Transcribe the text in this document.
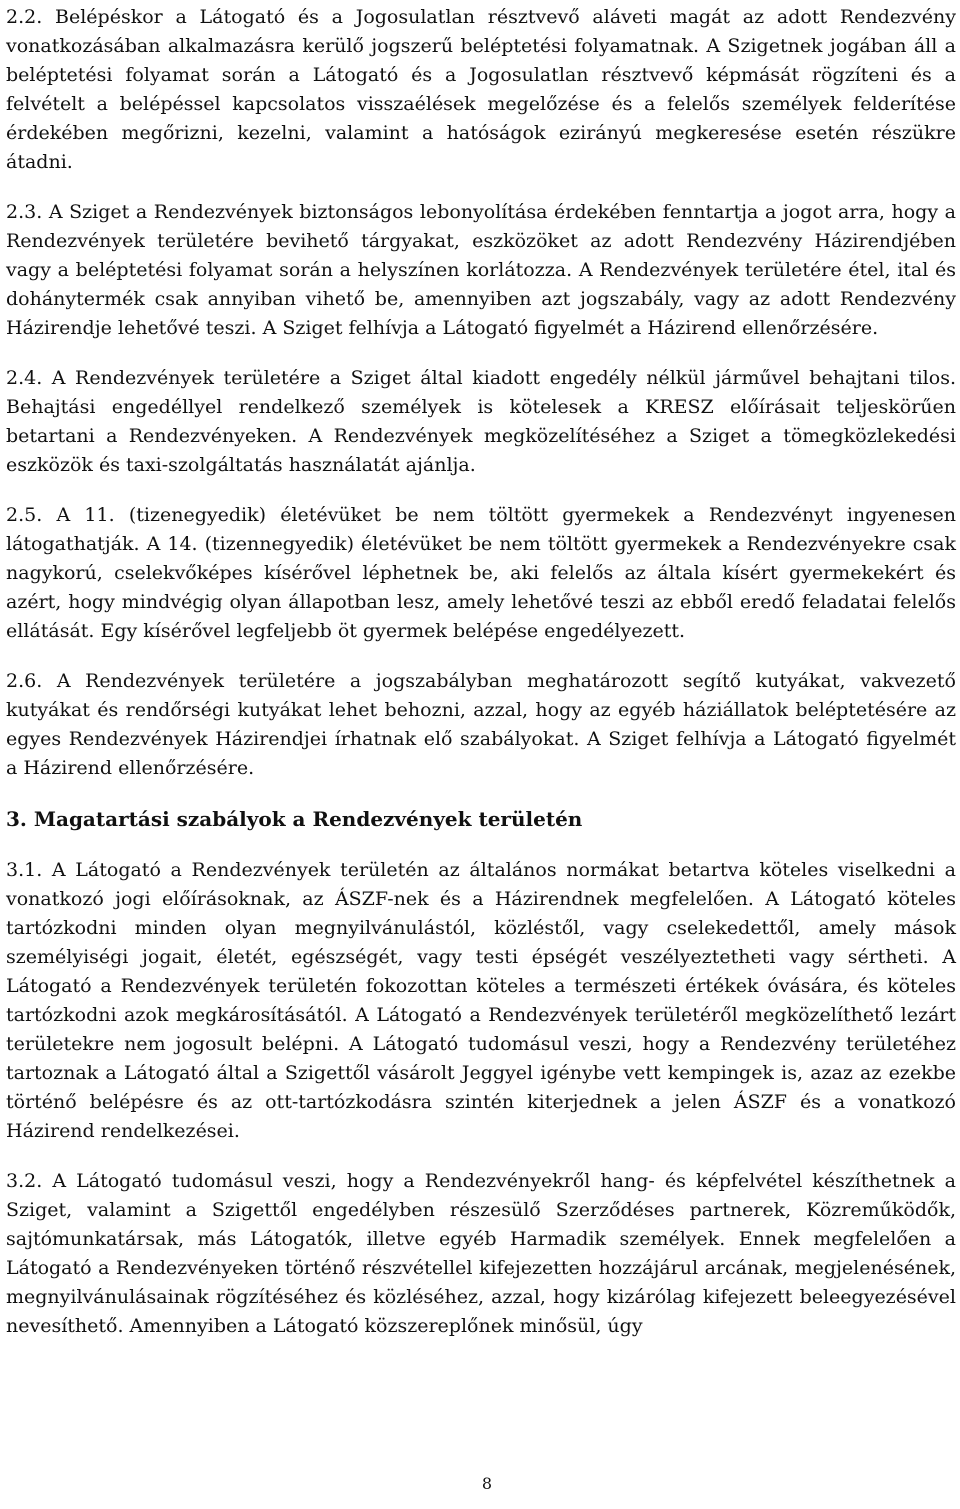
2.2. Belépéskor a Látogató és a Jogosulatlan résztvevő aláveti magát az adott Rendezvény vonatkozásában alkalmazásra kerülő jogszerű beléptetési folyamatnak. A Szigetnek jogában áll a beléptetési folyamat során a Látogató és a Jogosulatlan résztvevő képmását rögzíteni és a felvételt a belépéssel kapcsolatos visszaélések megelőzése és a felelős személyek felderítése érdekében megőrizni, kezelni, valamint a hatóságok ezirányú megkeresése esetén részükre átadni.

2.3. A Sziget a Rendezvények biztonságos lebonyolítása érdekében fenntartja a jogot arra, hogy a Rendezvények területére bevihető tárgyakat, eszközöket az adott Rendezvény Házirendjében vagy a beléptetési folyamat során a helyszínen korlátozza. A Rendezvények területére étel, ital és dohánytermék csak annyiban vihető be, amennyiben azt jogszabály, vagy az adott Rendezvény Házirendje lehetővé teszi. A Sziget felhívja a Látogató figyelmét a Házirend ellenőrzésére.

2.4. A Rendezvények területére a Sziget által kiadott engedély nélkül járművel behajtani tilos. Behajtási engedéllyel rendelkező személyek is kötelesek a KRESZ előírásait teljeskörűen betartani a Rendezvényeken. A Rendezvények megközelítéséhez a Sziget a tömegközlekedési eszközök és taxi-szolgáltatás használatát ajánlja.

2.5. A 11. (tizenegyedik) életévüket be nem töltött gyermekek a Rendezvényt ingyenesen látogathatják. A 14. (tizennegyedik) életévüket be nem töltött gyermekek a Rendezvényekre csak nagykorú, cselekvőképes kísérővel léphetnek be, aki felelős az általa kísért gyermekekért és azért, hogy mindvégig olyan állapotban lesz, amely lehetővé teszi az ebből eredő feladatai felelős ellátását. Egy kísérővel legfeljebb öt gyermek belépése engedélyezett.

2.6. A Rendezvények területére a jogszabályban meghatározott segítő kutyákat, vakvezető kutyákat és rendőrségi kutyákat lehet behozni, azzal, hogy az egyéb háziállatok beléptetésére az egyes Rendezvények Házirendjei írhatnak elő szabályokat. A Sziget felhívja a Látogató figyelmét a Házirend ellenőrzésére.

3. Magatartási szabályok a Rendezvények területén

3.1. A Látogató a Rendezvények területén az általános normákat betartva köteles viselkedni a vonatkozó jogi előírásoknak, az ÁSZF-nek és a Házirendnek megfelelően. A Látogató köteles tartózkodni minden olyan megnyilvánulástól, közléstől, vagy cselekedettől, amely mások személyiségi jogait, életét, egészségét, vagy testi épségét veszélyeztetheti vagy sértheti. A Látogató a Rendezvények területén fokozottan köteles a természeti értékek óvására, és köteles tartózkodni azok megkárosításától. A Látogató a Rendezvények területéről megközelíthető lezárt területekre nem jogosult belépni. A Látogató tudomásul veszi, hogy a Rendezvény területéhez tartoznak a Látogató által a Szigettől vásárolt Jeggyel igénybe vett kempingek is, azaz az ezekbe történő belépésre és az ott-tartózkodásra szintén kiterjednek a jelen ÁSZF és a vonatkozó Házirend rendelkezései.

3.2. A Látogató tudomásul veszi, hogy a Rendezvényekről hang- és képfelvétel készíthetnek a Sziget, valamint a Szigettől engedélyben részesülő Szerződéses partnerek, Közreműködők, sajtómunkatársak, más Látogatók, illetve egyéb Harmadik személyek. Ennek megfelelően a Látogató a Rendezvényeken történő részvétellel kifejezetten hozzájárul arcának, megjelenésének, megnyilvánulásainak rögzítéséhez és közléséhez, azzal, hogy kizárólag kifejezett beleegyezésével nevesíthető. Amennyiben a Látogató közszereplőnek minősül, úgy

8
